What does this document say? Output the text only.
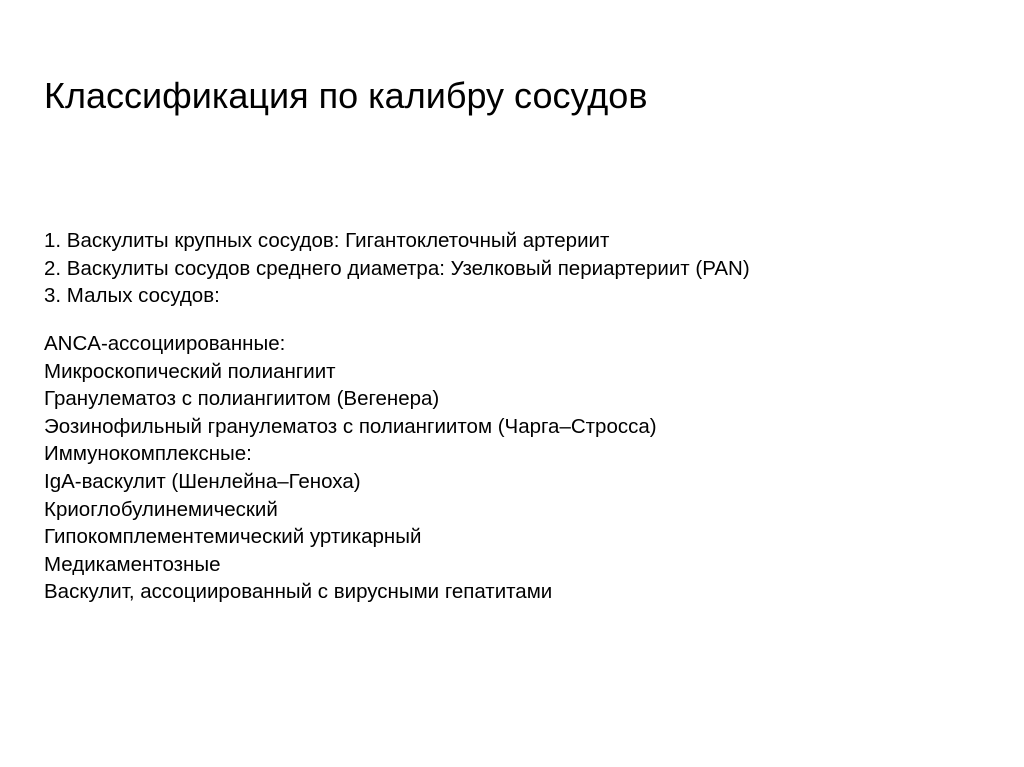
Классификация по калибру сосудов
1. Васкулиты крупных сосудов: Гигантоклеточный артериит
2. Васкулиты сосудов среднего диаметра: Узелковый периартериит (PAN)
3. Малых сосудов:
ANCA-ассоциированные:
Микроскопический полиангиит
Гранулематоз с полиангиитом (Вегенера)
Эозинофильный гранулематоз с полиангиитом (Чарга–Стросса)
Иммунокомплексные:
IgA-васкулит (Шенлейна–Геноха)
Криоглобулинемический
Гипокомплементемический уртикарный
Медикаментозные
Васкулит, ассоциированный с вирусными гепатитами
